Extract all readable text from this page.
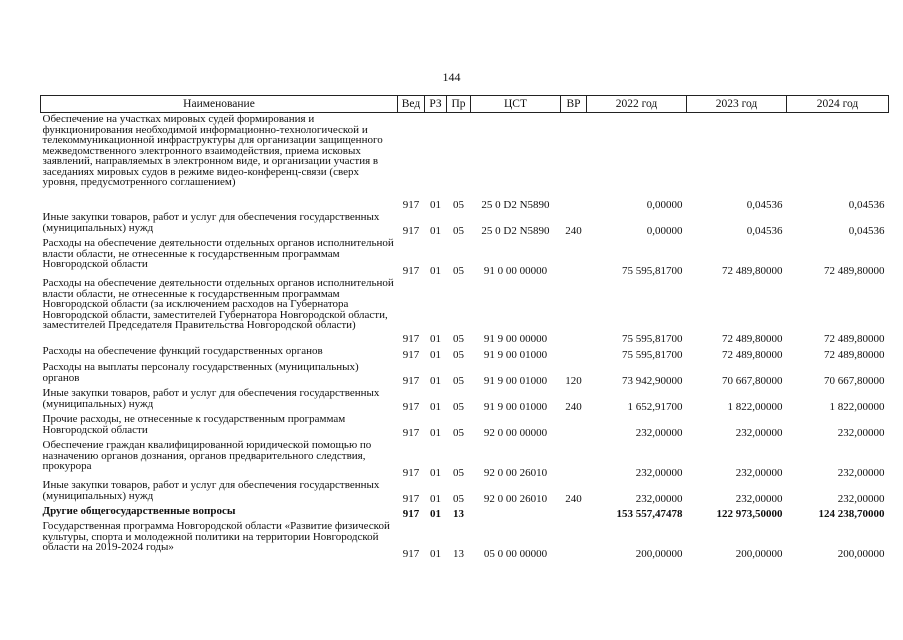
144
Наименование	Вед	РЗ	Пр	ЦСТ	ВР	2022 год	2023 год	2024 год
Обеспечение на участках мировых судей формирования и функционирования необходимой информационно-технологической и телекоммуникационной инфраструктуры для организации защищенного межведомственного электронного взаимодействия, приема исковых заявлений, направляемых в электронном виде, и организации участия в заседаниях мировых судов в режиме видео-конференц-связи (сверх уровня, предусмотренного соглашением)	917	01	05	25 0 D2 N5890		0,00000	0,04536	0,04536
Иные закупки товаров, работ и услуг для обеспечения государственных (муниципальных) нужд	917	01	05	25 0 D2 N5890	240	0,00000	0,04536	0,04536
Расходы на обеспечение деятельности отдельных органов исполнительной власти области, не отнесенные к государственным программам Новгородской области	917	01	05	91 0 00 00000		75 595,81700	72 489,80000	72 489,80000
Расходы на обеспечение деятельности отдельных органов исполнительной власти области, не отнесенные к государственным программам Новгородской области (за исключением расходов на Губернатора Новгородской области, заместителей Губернатора Новгородской области, заместителей Председателя Правительства Новгородской области)	917	01	05	91 9 00 00000		75 595,81700	72 489,80000	72 489,80000
Расходы на обеспечение функций государственных органов	917	01	05	91 9 00 01000		75 595,81700	72 489,80000	72 489,80000
Расходы на выплаты персоналу государственных (муниципальных) органов	917	01	05	91 9 00 01000	120	73 942,90000	70 667,80000	70 667,80000
Иные закупки товаров, работ и услуг для обеспечения государственных (муниципальных) нужд	917	01	05	91 9 00 01000	240	1 652,91700	1 822,00000	1 822,00000
Прочие расходы, не отнесенные к государственным программам Новгородской области	917	01	05	92 0 00 00000		232,00000	232,00000	232,00000
Обеспечение граждан квалифицированной юридической помощью по назначению органов дознания, органов предварительного следствия, прокурора	917	01	05	92 0 00 26010		232,00000	232,00000	232,00000
Иные закупки товаров, работ и услуг для обеспечения государственных (муниципальных) нужд	917	01	05	92 0 00 26010	240	232,00000	232,00000	232,00000
Другие общегосударственные вопросы	917	01	13			153 557,47478	122 973,50000	124 238,70000
Государственная программа Новгородской области «Развитие физической культуры, спорта и молодежной политики на территории Новгородской области на 2019-2024 годы»	917	01	13	05 0 00 00000		200,00000	200,00000	200,00000
